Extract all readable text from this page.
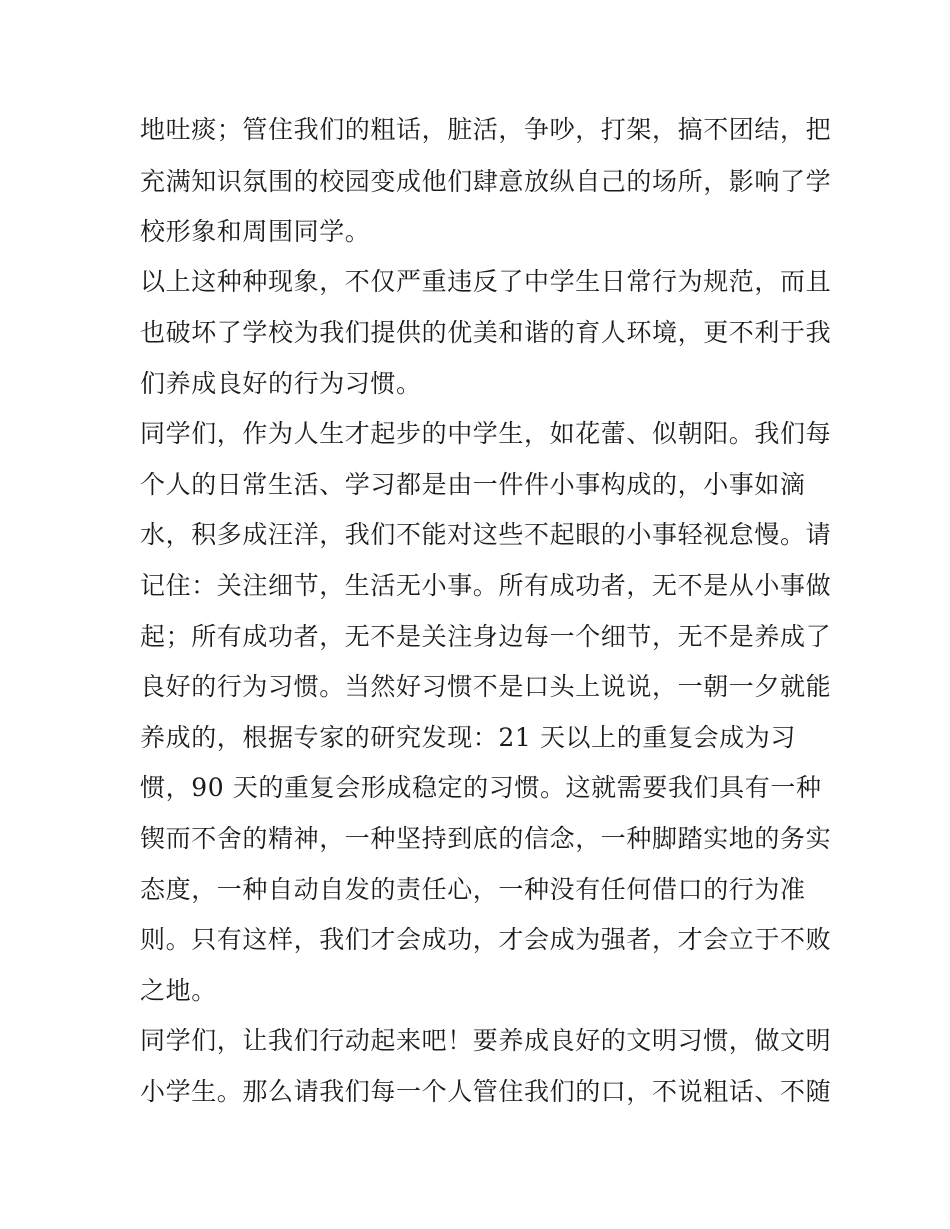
地吐痰；管住我们的粗话，脏活，争吵，打架，搞不团结，把
充满知识氛围的校园变成他们肆意放纵自己的场所，影响了学
校形象和周围同学。
以上这种种现象，不仅严重违反了中学生日常行为规范，而且
也破坏了学校为我们提供的优美和谐的育人环境，更不利于我
们养成良好的行为习惯。
同学们，作为人生才起步的中学生，如花蕾、似朝阳。我们每
个人的日常生活、学习都是由一件件小事构成的，小事如滴
水，积多成汪洋，我们不能对这些不起眼的小事轻视怠慢。请
记住：关注细节，生活无小事。所有成功者，无不是从小事做
起；所有成功者，无不是关注身边每一个细节，无不是养成了
良好的行为习惯。当然好习惯不是口头上说说，一朝一夕就能
养成的，根据专家的研究发现：21 天以上的重复会成为习
惯，90 天的重复会形成稳定的习惯。这就需要我们具有一种
锲而不舍的精神，一种坚持到底的信念，一种脚踏实地的务实
态度，一种自动自发的责任心，一种没有任何借口的行为准
则。只有这样，我们才会成功，才会成为强者，才会立于不败
之地。
同学们，让我们行动起来吧！要养成良好的文明习惯，做文明
小学生。那么请我们每一个人管住我们的口，不说粗话、不随
